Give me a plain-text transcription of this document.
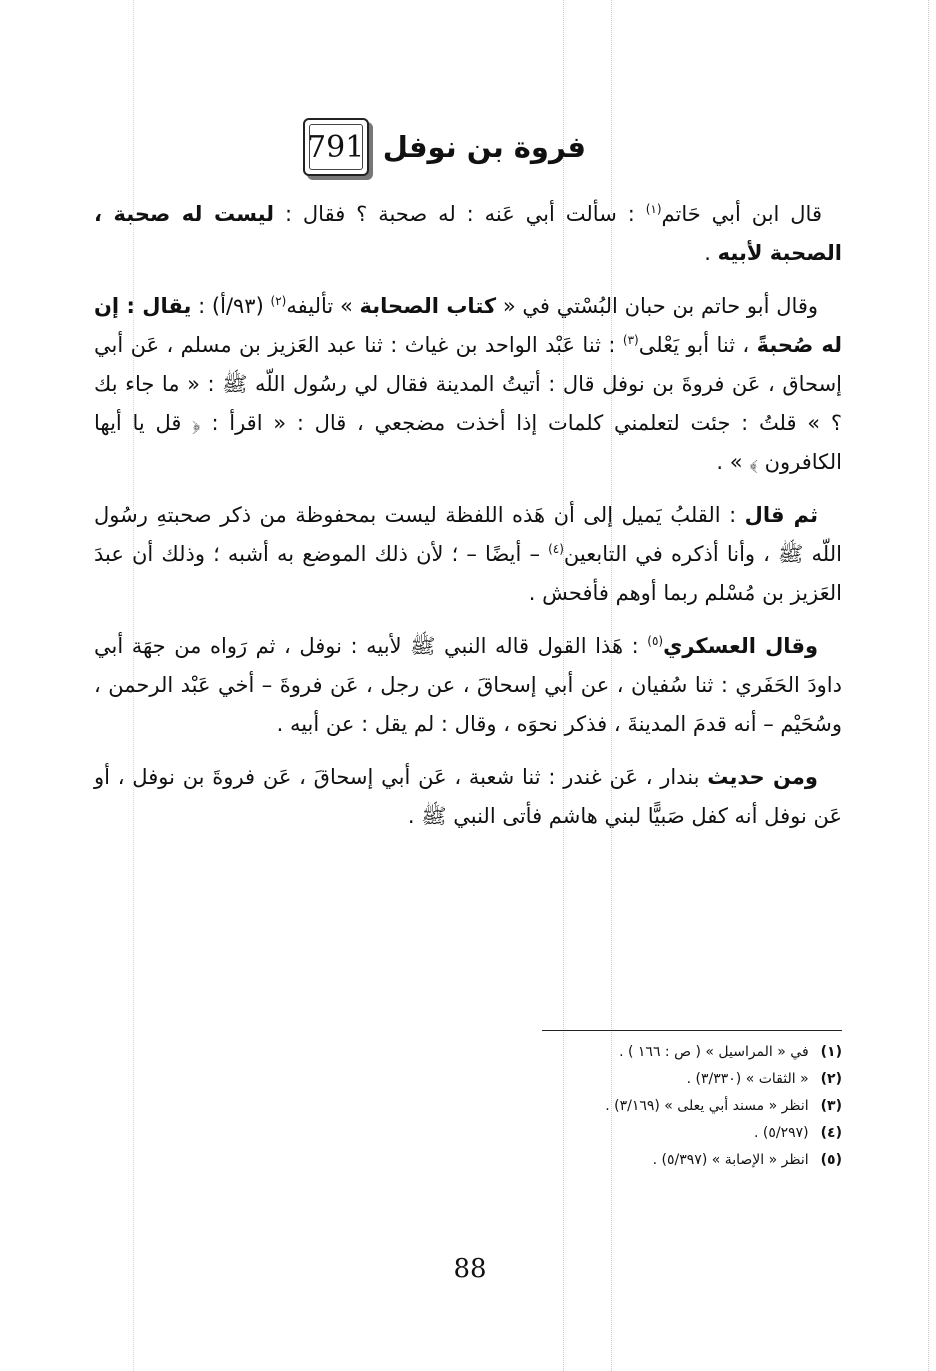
791 فروة بن نوفل

قال ابن أبي حَاتم$^{(١)}$ : سألت أبي عَنه : له صحبة ؟ فقال : ليست له صحبة ، الصحبة لأبيه .

وقال أبو حاتم بن حبان البُسْتي في « كتاب الصحابة » تأليفه$^{(٢)}$ (٩٣/أ) : يقال : إن له صُحبةً ، ثنا أبو يَعْلى$^{(٣)}$ : ثنا عَبْد الواحد بن غياث : ثنا عبد العَزيز بن مسلم ، عَن أبي إسحاق ، عَن فروةَ بن نوفل قال : أتيتُ المدينة فقال لي رسُول اللّه ﷺ : « ما جاء بك ؟ » قلتُ : جئت لتعلمني كلمات إذا أخذت مضجعي ، قال : « اقرأ : ﴿ قل يا أيها الكافرون ﴾ » .

ثم قال : القلبُ يَميل إلى أن هَذه اللفظة ليست بمحفوظة من ذكر صحبتهِ رسُول اللّه ﷺ ، وأنا أذكره في التابعين$^{(٤)}$ – أيضًا – ؛ لأن ذلك الموضع به أشبه ؛ وذلك أن عبدَ العَزيز بن مُسْلم ربما أوهم فأفحش .

وقال العسكري$^{(٥)}$ : هَذا القول قاله النبي ﷺ لأبيه : نوفل ، ثم رَواه من جهَة أبي داودَ الحَفَري : ثنا سُفيان ، عن أبي إسحاقَ ، عن رجل ، عَن فروةَ – أخي عَبْد الرحمن ، وسُحَيْم – أنه قدمَ المدينةَ ، فذكر نحوَه ، وقال : لم يقل : عن أبيه .

ومن حديث بندار ، عَن غندر : ثنا شعبة ، عَن أبي إسحاقَ ، عَن فروةَ بن نوفل ، أو عَن نوفل أنه كفل صَبيًّا لبني هاشم فأتى النبي ﷺ .

(١)في « المراسيل » ( ص : ١٦٦ ) .
(٢)« الثقات » (٣/٣٣٠) .
(٣)انظر « مسند أبي يعلى » (٣/١٦٩) .
(٤)(٥/٢٩٧) .
(٥)انظر « الإصابة » (٥/٣٩٧) .
88
